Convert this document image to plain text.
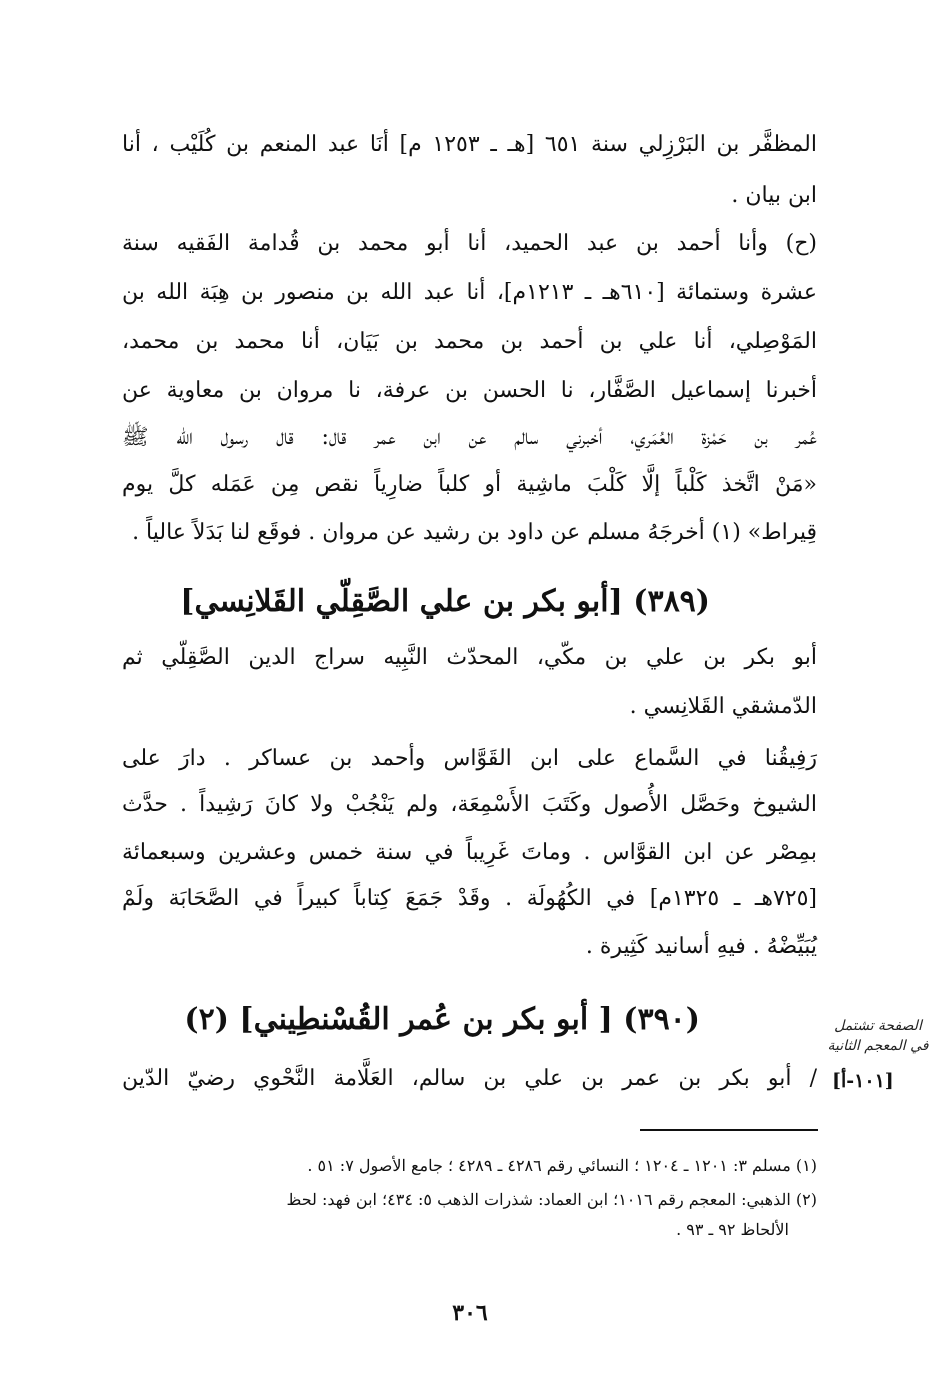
المظفَّر بن البَرْزِلي سنة ٦٥١ [هـ ـ ١٢٥٣ م] أنَا عبد المنعم بن كُلَيْب ، أنا
ابن بيان .
(ح) وأنا أحمد بن عبد الحميد، أنا أبو محمد بن قُدامة الفَقيه سنة
عشرة وستمائة [٦١٠هـ ـ ١٢١٣م]، أنا عبد الله بن منصور بن هِبَة الله بن
المَوْصِلي، أنا علي بن أحمد بن محمد بن بَيَان، أنا محمد بن محمد،
أخبرنا إسماعيل الصَّفَّار، نا الحسن بن عرفة، نا مروان بن معاوية عن
عُمر بن حَمْزة العُمَري، أخبرني سالم عن ابن عمر قال: قال رسول الله ﷺ
«مَنْ اتَّخذ كَلْباً إلَّا كَلْبَ ماشِية أو كلباً ضارِياً نقص مِن عَمَله كلَّ يوم
قِيراط» (١) أخرجَهُ مسلم عن داود بن رشيد عن مروان . فوقَع لنا بَدَلاً عالياً .
(٣٨٩) [أبو بكر بن علي الصَّقِلّي القَلانِسي]
أبو بكر بن علي بن مكّي، المحدّث النَّبِيه سراج الدين الصَّقِلّي ثم
الدّمشقي القَلانِسي .
رَفِيقُنا في السَّماع على ابن القَوَّاس وأحمد بن عساكر . دارَ على
الشيوخ وحَصَّل الأُصول وكَتَبَ الأَسْمِعَة، ولم يَنْجُبْ ولا كانَ رَشِيداً . حدَّث
بمِصْر عن ابن القوَّاس . وماتَ غَرِيباً في سنة خمس وعشرين وسبعمائة
[٧٢٥هـ ـ ١٣٢٥م] في الكُهُولَة . وقَدْ جَمَعَ كِتاباً كبيراً في الصَّحَابَة ولَمْ
يُبَيِّضْهُ . فيهِ أسانيد كَثِيرة .
(٣٩٠) [ أبو بكر بن عُمر القُسْنطِيني] (٢)	الصفحة تشتمل
في المعجم الثانية
[١٠١-أ]
/ أبو بكر بن عمر بن علي بن سالم، العَلَّامة النَّحْوي رضيّ الدّين
(١) مسلم ٣: ١٢٠١ ـ ١٢٠٤ ؛ النسائي رقم ٤٢٨٦ ـ ٤٢٨٩ ؛ جامع الأصول ٧: ٥١ .
(٢) الذهبي: المعجم رقم ١٠١٦؛ ابن العماد: شذرات الذهب ٥: ٤٣٤؛ ابن فهد: لحظ
الألحاظ ٩٢ ـ ٩٣ .
٣٠٦
